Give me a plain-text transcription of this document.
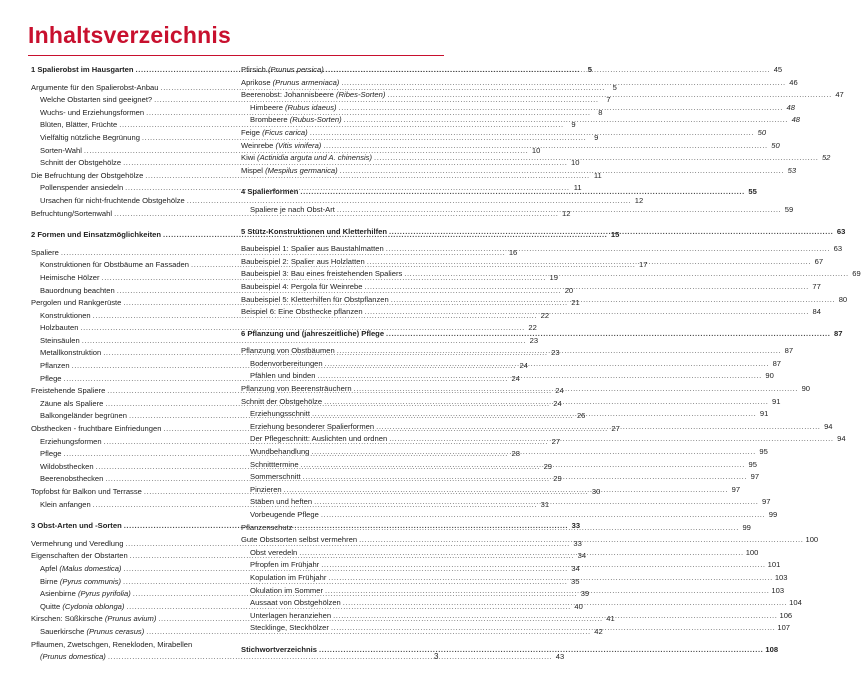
Inhaltsverzeichnis
1 Spalierobst im Hausgarten .....	5
Argumente für den Spalierobst-Anbau .....	5
Welche Obstarten sind geeignet? .....	7
Wuchs- und Erziehungsformen .....	8
Blüten, Blätter, Früchte .....	9
Vielfältig nützliche Begrünung .....	9
Sorten-Wahl .....	10
Schnitt der Obstgehölze .....	10
Die Befruchtung der Obstgehölze .....	11
Pollenspender ansiedeln .....	11
Ursachen für nicht-fruchtende Obstgehölze .....	12
Befruchtung/Sortenwahl .....	12
2 Formen und Einsatzmöglichkeiten .....	15
Spaliere .....	16
Konstruktionen für Obstbäume an Fassaden .....	17
Heimische Hölzer .....	19
Bauordnung beachten .....	20
Pergolen und Rankgerüste .....	21
Konstruktionen .....	22
Holzbauten .....	22
Steinsäulen .....	23
Metallkonstruktion .....	23
Pflanzen .....	24
Pflege .....	24
Freistehende Spaliere .....	24
Zäune als Spaliere .....	24
Balkongeländer begrünen .....	26
Obsthecken - fruchtbare Einfriedungen .....	27
Erziehungsformen .....	27
Pflege .....	28
Wildobsthecken .....	29
Beerenobsthecken .....	29
Topfobst für Balkon und Terrasse .....	30
Klein anfangen .....	31
3 Obst-Arten und -Sorten .....	33
Vermehrung und Veredlung .....	33
Eigenschaften der Obstarten .....	34
Apfel (Malus domestica) .....	34
Birne (Pyrus communis) .....	35
Asienbirne (Pyrus pyrifolia) .....	39
Quitte (Cydonia oblonga) .....	40
Kirschen: Süßkirsche (Prunus avium) .....	41
Sauerkirsche (Prunus cerasus) .....	42
Pflaumen, Zwetschgen, Renekloden, Mirabellen
(Prunus domestica) .....	43
Pfirsich (Prunus persica) .....	45
Aprikose (Prunus armeniaca) .....	46
Beerenobst: Johannisbeere (Ribes-Sorten) .....	47
Himbeere (Rubus idaeus) .....	48
Brombeere (Rubus-Sorten) .....	48
Feige (Ficus carica) .....	50
Weinrebe (Vitis vinifera) .....	50
Kiwi (Actinidia arguta und A. chinensis) .....	52
Mispel (Mespilus germanica) .....	53
4 Spalierformen .....	55
Spaliere je nach Obst-Art .....	59
5 Stütz-Konstruktionen und Kletterhilfen .....	63
Baubeispiel 1: Spalier aus Baustahlmatten .....	63
Baubeispiel 2: Spalier aus Holzlatten .....	67
Baubeispiel 3: Bau eines freistehenden Spaliers .....	69
Baubeispiel 4: Pergola für Weinrebe .....	77
Baubeispiel 5: Kletterhilfen für Obstpflanzen .....	80
Beispiel 6: Eine Obsthecke pflanzen .....	84
6 Pflanzung und (jahreszeitliche) Pflege .....	87
Pflanzung von Obstbäumen .....	87
Bodenvorbereitungen .....	87
Pfählen und binden .....	90
Pflanzung von Beerensträuchern .....	90
Schnitt der Obstgehölze .....	91
Erziehungsschnitt .....	91
Erziehung besonderer Spalierformen .....	94
Der Pflegeschnitt: Auslichten und ordnen .....	94
Wundbehandlung .....	95
Schnitttermine .....	95
Sommerschnitt .....	97
Pinzieren .....	97
Stäben und heften .....	97
Vorbeugende Pflege .....	99
Pflanzenschutz .....	99
Gute Obstsorten selbst vermehren .....	100
Obst veredeln .....	100
Pfropfen im Frühjahr .....	101
Kopulation im Frühjahr .....	103
Okulation im Sommer .....	103
Aussaat von Obstgehölzen .....	104
Unterlagen heranziehen .....	106
Stecklinge, Steckhölzer .....	107
Stichwortverzeichnis .....	108
3
